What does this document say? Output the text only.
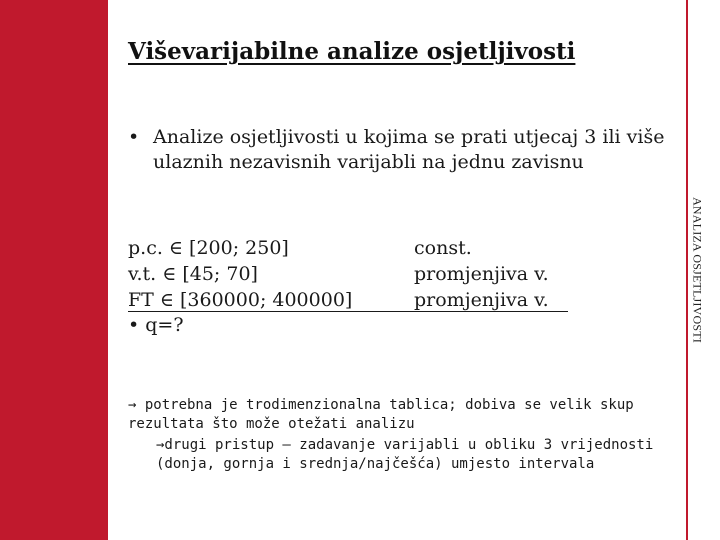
ANALIZA OSJETLJIVOSTI
Viševarijabilne analize osjetljivosti
• Analize osjetljivosti u kojima se prati utjecaj 3 ili više ulaznih nezavisnih varijabli na jednu zavisnu
p.c. ∈ [200; 250]	const.
v.t. ∈ [45; 70]	promjenjiva v.
FT ∈ [360000; 400000]	promjenjiva v.
• q=?

→ potrebna je trodimenzionalna tablica; dobiva se velik skup rezultata što može otežati analizu

→drugi pristup – zadavanje varijabli u obliku 3 vrijednosti (donja, gornja i srednja/najčešća) umjesto intervala
